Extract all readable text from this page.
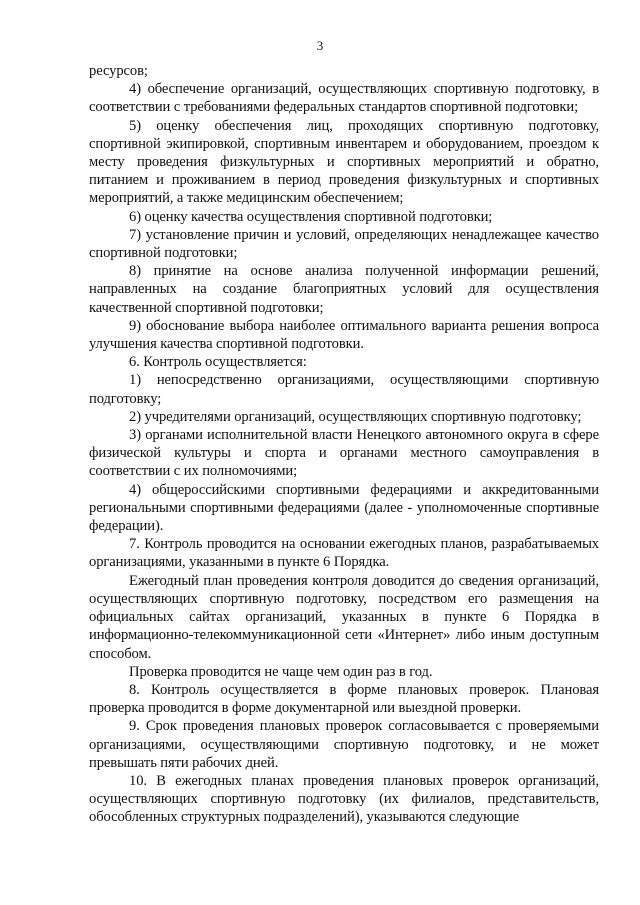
3

ресурсов;

4) обеспечение организаций, осуществляющих спортивную подготовку, в соответствии с требованиями федеральных стандартов спортивной подготовки;

5) оценку обеспечения лиц, проходящих спортивную подготовку, спортивной экипировкой, спортивным инвентарем и оборудованием, проездом к месту проведения физкультурных и спортивных мероприятий и обратно, питанием и проживанием в период проведения физкультурных и спортивных мероприятий, а также медицинским обеспечением;

6) оценку качества осуществления спортивной подготовки;

7) установление причин и условий, определяющих ненадлежащее качество спортивной подготовки;

8) принятие на основе анализа полученной информации решений, направленных на создание благоприятных условий для осуществления качественной спортивной подготовки;

9) обоснование выбора наиболее оптимального варианта решения вопроса улучшения качества спортивной подготовки.

6. Контроль осуществляется:

1) непосредственно организациями, осуществляющими спортивную подготовку;

2) учредителями организаций, осуществляющих спортивную подготовку;

3) органами исполнительной власти Ненецкого автономного округа в сфере физической культуры и спорта и органами местного самоуправления в соответствии с их полномочиями;

4) общероссийскими спортивными федерациями и аккредитованными региональными спортивными федерациями (далее - уполномоченные спортивные федерации).

7. Контроль проводится на основании ежегодных планов, разрабатываемых организациями, указанными в пункте 6 Порядка.

Ежегодный план проведения контроля доводится до сведения организаций, осуществляющих спортивную подготовку, посредством его размещения на официальных сайтах организаций, указанных в пункте 6 Порядка в информационно-телекоммуникационной сети «Интернет» либо иным доступным способом.

Проверка проводится не чаще чем один раз в год.

8. Контроль осуществляется в форме плановых проверок. Плановая проверка проводится в форме документарной или выездной проверки.

9. Срок проведения плановых проверок согласовывается с проверяемыми организациями, осуществляющими спортивную подготовку, и не может превышать пяти рабочих дней.

10. В ежегодных планах проведения плановых проверок организаций, осуществляющих спортивную подготовку (их филиалов, представительств, обособленных структурных подразделений), указываются следующие
